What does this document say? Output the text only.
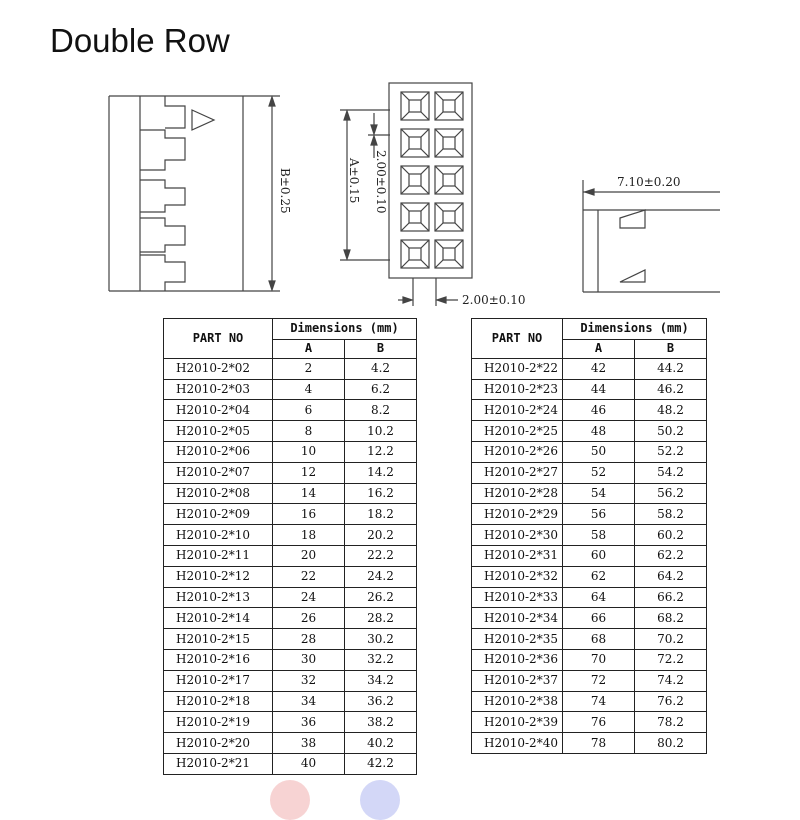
Double Row
B±0.25	A±0.15 2.00±0.10
2.00±0.10
7.10±0.20
PART NO	Dimensions (mm)	
	A	B
H2010-2*02	2	4.2
H2010-2*03	4	6.2
H2010-2*04	6	8.2
H2010-2*05	8	10.2
H2010-2*06	10	12.2
H2010-2*07	12	14.2
H2010-2*08	14	16.2
H2010-2*09	16	18.2
H2010-2*10	18	20.2
H2010-2*11	20	22.2
H2010-2*12	22	24.2
H2010-2*13	24	26.2
H2010-2*14	26	28.2
H2010-2*15	28	30.2
H2010-2*16	30	32.2
H2010-2*17	32	34.2
H2010-2*18	34	36.2
H2010-2*19	36	38.2
H2010-2*20	38	40.2
H2010-2*21	40	42.2
PART NO	Dimensions (mm)	
	A	B
H2010-2*22	42	44.2
H2010-2*23	44	46.2
H2010-2*24	46	48.2
H2010-2*25	48	50.2
H2010-2*26	50	52.2
H2010-2*27	52	54.2
H2010-2*28	54	56.2
H2010-2*29	56	58.2
H2010-2*30	58	60.2
H2010-2*31	60	62.2
H2010-2*32	62	64.2
H2010-2*33	64	66.2
H2010-2*34	66	68.2
H2010-2*35	68	70.2
H2010-2*36	70	72.2
H2010-2*37	72	74.2
H2010-2*38	74	76.2
H2010-2*39	76	78.2
H2010-2*40	78	80.2
